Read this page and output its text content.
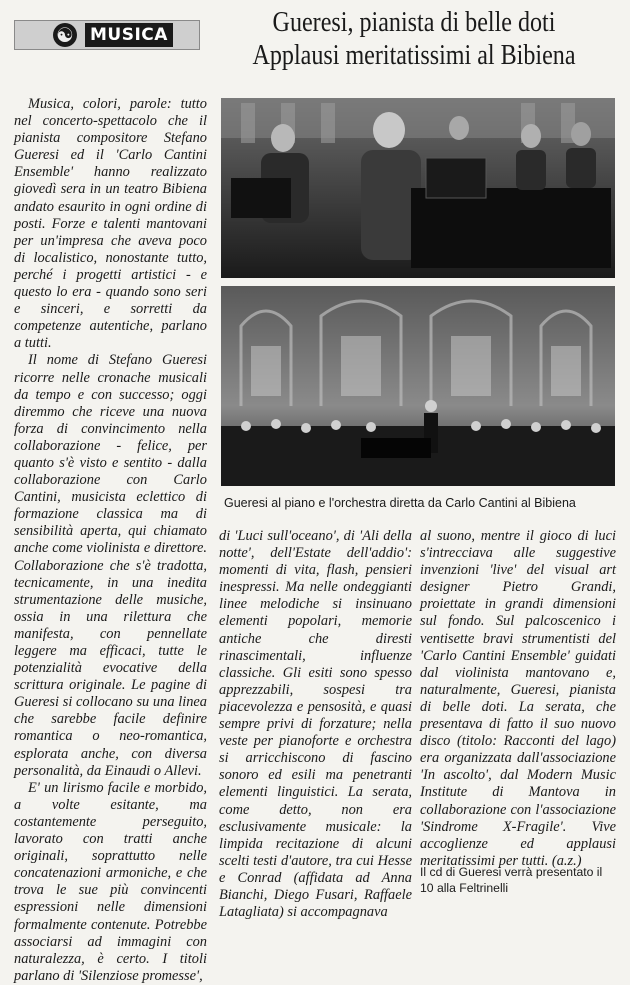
☯ MUSICA	Gueresi, pianista di belle doti
Applausi meritatissimi al Bibiena

Musica, colori, parole: tutto nel concerto-spettacolo che il pianista compositore Stefano Gueresi ed il 'Carlo Cantini Ensemble' hanno realizzato giovedì sera in un teatro Bibiena andato esaurito in ogni ordine di posti. Forze e talenti mantovani per un'impresa che aveva poco di localistico, nonostante tutto, perché i progetti artistici - e questo lo era - quando sono seri e sinceri, e sorretti da competenze autentiche, parlano a tutti.

Il nome di Stefano Gueresi ricorre nelle cronache musicali da tempo e con successo; oggi diremmo che riceve una nuova forza di convincimento nella collaborazione - felice, per quanto s'è visto e sentito - dalla collaborazione con Carlo Cantini, musicista eclettico di formazione classica ma di sensibilità aperta, qui chiamato anche come violinista e direttore. Collaborazione che s'è tradotta, tecnicamente, in una inedita strumentazione delle musiche, ossia in una rilettura che manifesta, con pennellate leggere ma efficaci, tutte le potenzialità evocative della scrittura originale. Le pagine di Gueresi si collocano su una linea che sarebbe facile definire romantica o neo-romantica, esplorata anche, con diversa personalità, da Einaudi o Allevi.

E' un lirismo facile e morbido, a volte esitante, ma costantemente perseguito, lavorato con tratti anche originali, soprattutto nelle concatenazioni armoniche, e che trova le sue più convincenti espressioni nelle dimensioni formalmente contenute. Potrebbe associarsi ad immagini con naturalezza, è certo. I titoli parlano di 'Silenziose promesse',

Gueresi al piano e l'orchestra diretta da Carlo Cantini al Bibiena

di 'Luci sull'oceano', di 'Ali della notte', dell'Estate dell'addio': momenti di vita, flash, pensieri inespressi. Ma nelle ondeggianti linee melodiche si insinuano elementi popolari, memorie antiche che diresti rinascimentali, influenze classiche. Gli esiti sono spesso apprezzabili, sospesi tra piacevolezza e pensosità, e quasi sempre privi di forzature; nella veste per pianoforte e orchestra si arricchiscono di fascino sonoro ed esili ma penetranti elementi linguistici. La serata, come detto, non era esclusivamente musicale: la limpida recitazione di alcuni scelti testi d'autore, tra cui Hesse e Conrad (affidata ad Anna Bianchi, Diego Fusari, Raffaele Latagliata) si accompagnava

al suono, mentre il gioco di luci s'intrecciava alle suggestive invenzioni 'live' del visual art designer Pietro Grandi, proiettate in grandi dimensioni sul fondo. Sul palcoscenico i ventisette bravi strumentisti del 'Carlo Cantini Ensemble' guidati dal violinista mantovano e, naturalmente, Gueresi, pianista di belle doti. La serata, che presentava di fatto il suo nuovo disco (titolo: Racconti del lago) era organizzata dall'associazione 'In ascolto', dal Modern Music Institute di Mantova in collaborazione con l'associazione 'Sindrome X-Fragile'. Vive accoglienze ed applausi meritatissimi per tutti. (a.z.)

Il cd di Gueresi verrà presentato il 10 alla Feltrinelli
